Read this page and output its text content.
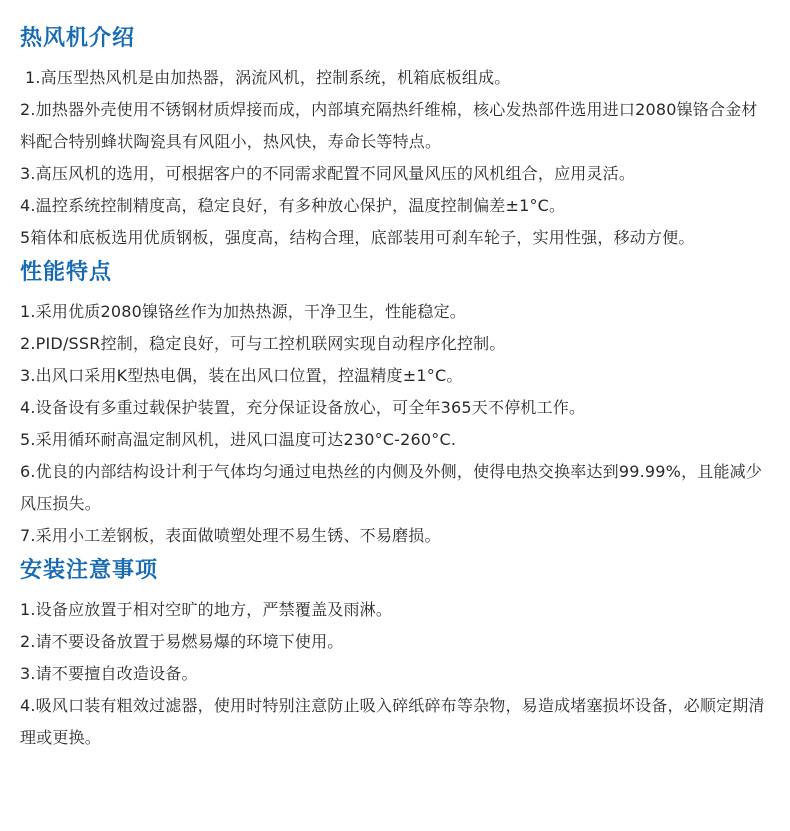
热风机介绍
1.高压型热风机是由加热器，涡流风机，控制系统，机箱底板组成。
2.加热器外壳使用不锈钢材质焊接而成，内部填充隔热纤维棉，核心发热部件选用进口2080镍铬合金材料配合特别蜂状陶瓷具有风阻小，热风快，寿命长等特点。
3.高压风机的选用，可根据客户的不同需求配置不同风量风压的风机组合，应用灵活。
4.温控系统控制精度高，稳定良好，有多种放心保护，温度控制偏差±1°C。
5箱体和底板选用优质钢板，强度高，结构合理，底部装用可刹车轮子，实用性强，移动方便。
性能特点
1.采用优质2080镍铬丝作为加热热源，干净卫生，性能稳定。
2.PID/SSR控制，稳定良好，可与工控机联网实现自动程序化控制。
3.出风口采用K型热电偶，装在出风口位置，控温精度±1°C。
4.设备设有多重过载保护装置，充分保证设备放心，可全年365天不停机工作。
5.采用循环耐高温定制风机，进风口温度可达230°C-260°C.
6.优良的内部结构设计利于气体均匀通过电热丝的内侧及外侧，使得电热交换率达到99.99%，且能减少风压损失。
7.采用小工差钢板，表面做喷塑处理不易生锈、不易磨损。
安装注意事项
1.设备应放置于相对空旷的地方，严禁覆盖及雨淋。
2.请不要设备放置于易燃易爆的环境下使用。
3.请不要擅自改造设备。
4.吸风口装有粗效过滤器，使用时特别注意防止吸入碎纸碎布等杂物，易造成堵塞损坏设备，必顺定期清理或更换。
